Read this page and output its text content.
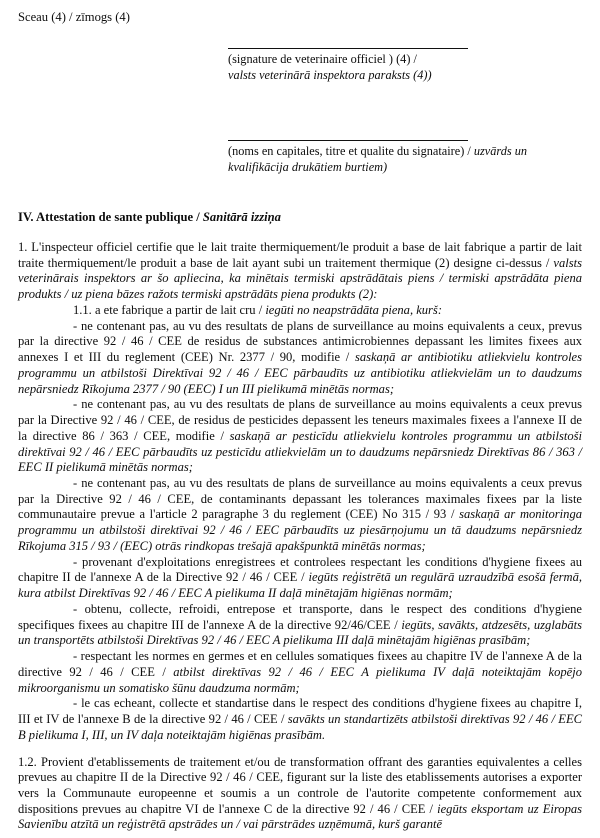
Sceau (4) / zīmogs (4)
(signature de veterinaire officiel ) (4) /
valsts veterinārā inspektora paraksts (4))
(noms en capitales, titre et qualite du signataire) / uzvārds un kvalifikācija drukātiem burtiem)
IV. Attestation de sante publique / Sanitārā izziņa
1. L'inspecteur officiel certifie que le lait traite thermiquement/le produit a base de lait fabrique a partir de lait traite thermiquement/le produit a base de lait ayant subi un traitement thermique (2) designe ci-dessus / valsts veterinārais inspektors ar šo apliecina, ka minētais termiski apstrādātais piens / termiski apstrādāta piena produkts / uz piena bāzes ražots termiski apstrādāts piena produkts (2):
1.1. a ete fabrique a partir de lait cru / iegūti no neapstrādāta piena, kurš:
- ne contenant pas, au vu des resultats de plans de surveillance au moins equivalents a ceux, prevus par la directive 92 / 46 / CEE de residus de substances antimicrobiennes depassant les limites fixees aux annexes I et III du reglement (CEE) Nr. 2377 / 90, modifie / saskaņā ar antibiotiku atliekvielu kontroles programmu un atbilstoši Direktīvai 92 / 46 / EEC pārbaudīts uz antibiotiku atliekvielām un to daudzums nepārsniedz Rīkojuma 2377 / 90 (EEC) I un III pielikumā minētās normas;
- ne contenant pas, au vu des resultats de plans de surveillance au moins equivalents a ceux prevus par la Directive 92 / 46 / CEE, de residus de pesticides depassent les teneurs maximales fixees a l'annexe II de la directive 86 / 363 / CEE, modifie / saskaņā ar pesticīdu atliekvielu kontroles programmu un atbilstoši direktīvai 92 / 46 / EEC pārbaudīts uz pesticīdu atliekvielām un to daudzums nepārsniedz Direktīvas 86 / 363 / EEC II pielikumā minētās normas;
- ne contenant pas, au vu des resultats de plans de surveillance au moins equivalents a ceux prevus par la Directive 92 / 46 / CEE, de contaminants depassant les tolerances maximales fixees par la liste communautaire prevue a l'article 2 paragraphe 3 du reglement (CEE) No 315 / 93 / saskaņā ar monitoringa programmu un atbilstoši direktīvai 92 / 46 / EEC pārbaudīts uz piesārņojumu un tā daudzums nepārsniedz Rīkojuma 315 / 93 / (EEC) otrās rindkopas trešajā apakšpunktā minētās normas;
- provenant d'exploitations enregistrees et controlees respectant les conditions d'hygiene fixees au chapitre II de l'annexe A de la Directive 92 / 46 / CEE / iegūts reģistrētā un regulārā uzraudzībā esošā fermā, kura atbilst Direktīvas 92 / 46 / EEC A pielikuma II daļā minētajām higiēnas normām;
- obtenu, collecte, refroidi, entrepose et transporte, dans le respect des conditions d'hygiene specifiques fixees au chapitre III de l'annexe A de la directive 92/46/CEE / iegūts, savākts, atdzesēts, uzglabāts un transportēts atbilstoši Direktīvas 92 / 46 / EEC A pielikuma III daļā minētajām higiēnas prasībām;
- respectant les normes en germes et en cellules somatiques fixees au chapitre IV de l'annexe A de la directive 92 / 46 / CEE / atbilst direktīvas 92 / 46 / EEC A pielikuma IV daļā noteiktajām kopējo mikroorganismu un somatisko šūnu daudzuma normām;
- le cas echeant, collecte et standartise dans le respect des conditions d'hygiene fixees au chapitre I, III et IV de l'annexe B de la directive 92 / 46 / CEE / savākts un standartizēts atbilstoši direktīvas 92 / 46 / EEC B pielikuma I, III, un IV daļa noteiktajām higiēnas prasībām.
1.2. Provient d'etablissements de traitement et/ou de transformation offrant des garanties equivalentes a celles prevues au chapitre II de la Directive 92 / 46 / CEE, figurant sur la liste des etablissements autorises a exporter vers la Communaute europeenne et soumis a un controle de l'autorite competente conformement aux dispositions prevues au chapitre VI de l'annexe C de la directive 92 / 46 / CEE / iegūts eksportam uz Eiropas Savienību atzītā un reģistrētā apstrādes un / vai pārstrādes uzņēmumā, kurš garantē
